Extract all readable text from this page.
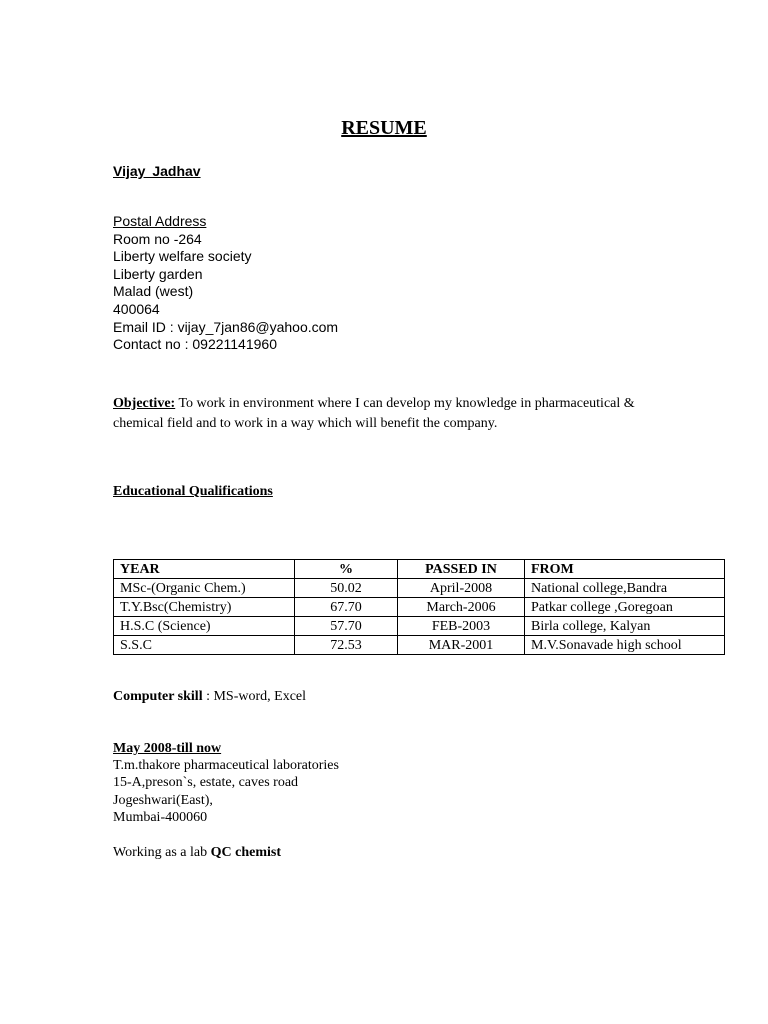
RESUME
Vijay Jadhav
Postal Address
Room no -264
Liberty welfare society
Liberty garden
Malad (west)
400064
Email ID : vijay_7jan86@yahoo.com
Contact no : 09221141960
Objective: To work in environment where I can develop my knowledge in pharmaceutical & chemical field and to work in a way which will benefit the company.
Educational Qualifications
YEAR	%	PASSED IN	FROM
MSc-(Organic Chem.)	50.02	April-2008	National college,Bandra
T.Y.Bsc(Chemistry)	67.70	March-2006	Patkar college ,Goregoan
H.S.C (Science)	57.70	FEB-2003	Birla college, Kalyan
S.S.C	72.53	MAR-2001	M.V.Sonavade high school
Computer skill : MS-word, Excel
May 2008-till now
T.m.thakore pharmaceutical laboratories
15-A,preson`s, estate, caves road
Jogeshwari(East),
Mumbai-400060
Working as a lab QC chemist
